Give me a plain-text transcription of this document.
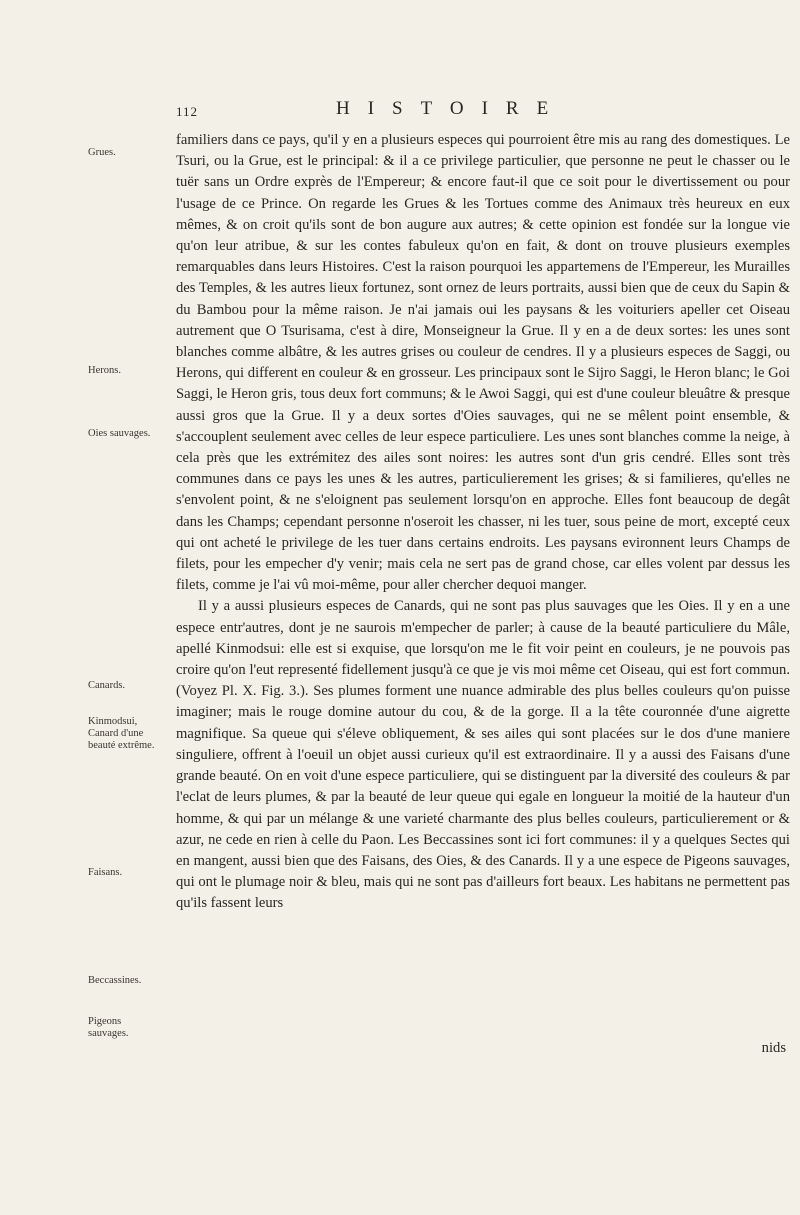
112	HISTOIRE
Grues.
Herons.
Oies sauvages.
Canards.
Kinmodsui, Canard d'une beauté extrême.
Faisans.
Beccassines.
Pigeons sauvages.

familiers dans ce pays, qu'il y en a plusieurs especes qui pourroient être mis au rang des domestiques. Le Tsuri, ou la Grue, est le principal: & il a ce privilege particulier, que personne ne peut le chasser ou le tuër sans un Ordre exprès de l'Empereur; & encore faut-il que ce soit pour le divertissement ou pour l'usage de ce Prince. On regarde les Grues & les Tortues comme des Animaux très heureux en eux mêmes, & on croit qu'ils sont de bon augure aux autres; & cette opinion est fondée sur la longue vie qu'on leur atribue, & sur les contes fabuleux qu'on en fait, & dont on trouve plusieurs exemples remarquables dans leurs Histoires. C'est la raison pourquoi les appartemens de l'Empereur, les Murailles des Temples, & les autres lieux fortunez, sont ornez de leurs portraits, aussi bien que de ceux du Sapin & du Bambou pour la même raison. Je n'ai jamais oui les paysans & les voituriers apeller cet Oiseau autrement que O Tsurisama, c'est à dire, Monseigneur la Grue. Il y en a de deux sortes: les unes sont blanches comme albâtre, & les autres grises ou couleur de cendres. Il y a plusieurs especes de Saggi, ou Herons, qui different en couleur & en grosseur. Les principaux sont le Sijro Saggi, le Heron blanc; le Goi Saggi, le Heron gris, tous deux fort communs; & le Awoi Saggi, qui est d'une couleur bleuâtre & presque aussi gros que la Grue. Il y a deux sortes d'Oies sauvages, qui ne se mêlent point ensemble, & s'accouplent seulement avec celles de leur espece particuliere. Les unes sont blanches comme la neige, à cela près que les extrémitez des ailes sont noires: les autres sont d'un gris cendré. Elles sont très communes dans ce pays les unes & les autres, particulierement les grises; & si familieres, qu'elles ne s'envolent point, & ne s'eloignent pas seulement lorsqu'on en approche. Elles font beaucoup de degât dans les Champs; cependant personne n'oseroit les chasser, ni les tuer, sous peine de mort, excepté ceux qui ont acheté le privilege de les tuer dans certains endroits. Les paysans evironnent leurs Champs de filets, pour les empecher d'y venir; mais cela ne sert pas de grand chose, car elles volent par dessus les filets, comme je l'ai vû moi-même, pour aller chercher dequoi manger.

Il y a aussi plusieurs especes de Canards, qui ne sont pas plus sauvages que les Oies. Il y en a une espece entr'autres, dont je ne saurois m'empecher de parler; à cause de la beauté particuliere du Mâle, apellé Kinmodsui: elle est si exquise, que lorsqu'on me le fit voir peint en couleurs, je ne pouvois pas croire qu'on l'eut representé fidellement jusqu'à ce que je vis moi même cet Oiseau, qui est fort commun. (Voyez Pl. X. Fig. 3.). Ses plumes forment une nuance admirable des plus belles couleurs qu'on puisse imaginer; mais le rouge domine autour du cou, & de la gorge. Il a la tête couronnée d'une aigrette magnifique. Sa queue qui s'éleve obliquement, & ses ailes qui sont placées sur le dos d'une maniere singuliere, offrent à l'oeuil un objet aussi curieux qu'il est extraordinaire. Il y a aussi des Faisans d'une grande beauté. On en voit d'une espece particuliere, qui se distinguent par la diversité des couleurs & par l'eclat de leurs plumes, & par la beauté de leur queue qui egale en longueur la moitié de la hauteur d'un homme, & qui par un mélange & une varieté charmante des plus belles couleurs, particulierement or & azur, ne cede en rien à celle du Paon. Les Beccassines sont ici fort communes: il y a quelques Sectes qui en mangent, aussi bien que des Faisans, des Oies, & des Canards. Il y a une espece de Pigeons sauvages, qui ont le plumage noir & bleu, mais qui ne sont pas d'ailleurs fort beaux. Les habitans ne permettent pas qu'ils fassent leurs

nids
